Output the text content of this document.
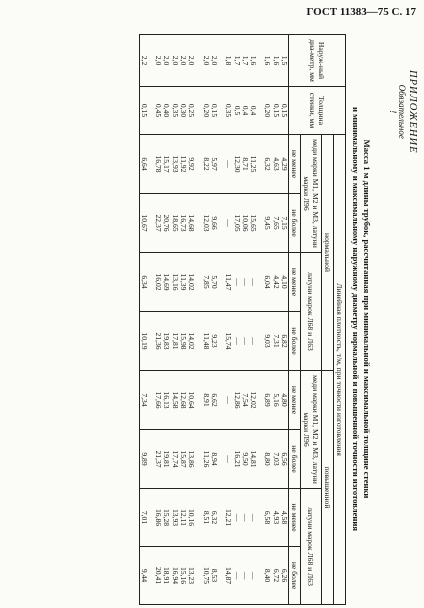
ГОСТ 11383—75 С. 17
ПРИЛОЖЕНИЕ
Обязательное
!
Масса 1 м длины трубок, рассчитанная при минимальной и максимальной толщине стенки
и минимальному и максимальному наружному диаметру нормальной и повышенной точности изготовления
Наруж-ный диа-метр, мм	Толщина стенки, мм	Линейная плотность, т/м, при точности изготовления							
		нормальной				повышенной			
		меди марки М1, М2 и М3, латуни марки Л96		латуни марок Л68 и Л63		меди марки М1, М2 и М3, латуни марки Л96		латуни марок Л68 и Л63	
		не менее	не более	не менее	не более	не менее	не более	не менее	не более
1,5	0,15	4,29	7,15	4,10	6,82	4,80	6,56	4,58	6,26
1,6	0,15	4,63	7,65	4,42	7,31	5,16	7,03	4,93	6,72
1,6	0,20	6,32	9,45	6,04	9,03	6,89	8,80	6,58	8,40
1,6	0,4	11,25	15,65	—	—	12,02	14,81	—	—
1,7	0,4	8,71	10,06	—	—	7,54	9,50	—	—
1,7	0,5	12,30	17,05	—	—	12,86	16,21	—	—
1,8	0,35	—	—	11,47	15,74	—	—	12,21	14,87
2,0	0,15	5,97	9,66	5,70	9,23	6,62	8,94	6,32	8,53
2,0	0,20	8,22	12,03	7,85	11,48	8,91	11,26	8,51	10,75
2,0	0,25	9,92	14,68	14,02	14,02	10,64	13,86	10,16	13,23
2,0	0,30	11,92	16,73	11,39	15,98	12,68	15,87	12,11	15,16
2,0	0,35	13,93	18,65	13,16	17,81	14,58	17,74	13,93	16,94
2,0	0,40	15,17	20,76	14,69	19,83	16,13	19,81	15,28	18,91
2,0	0,45	16,78	22,37	16,02	21,36	17,66	21,37	16,86	20,41
2,2	0,15	6,64	10,67	6,34	10,19	7,34	9,89	7,01	9,44
